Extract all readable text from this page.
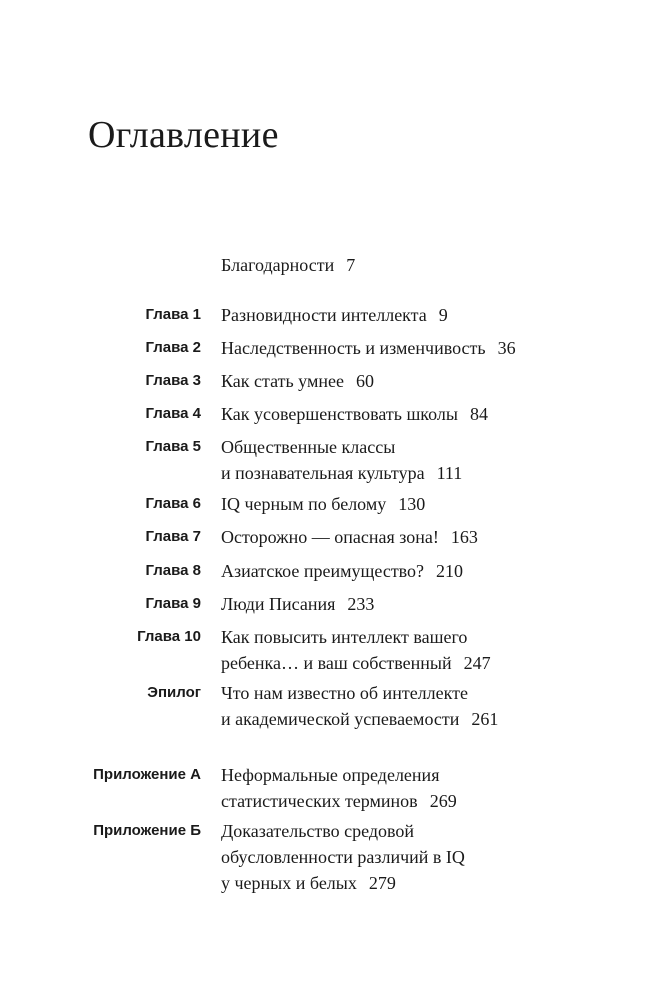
Оглавление
Благодарности 7
Глава 1 Разновидности интеллекта 9
Глава 2 Наследственность и изменчивость 36
Глава 3 Как стать умнее 60
Глава 4 Как усовершенствовать школы 84
Глава 5 Общественные классы
и познавательная культура 111
Глава 6 IQ черным по белому 130
Глава 7 Осторожно — опасная зона! 163
Глава 8 Азиатское преимущество? 210
Глава 9 Люди Писания 233
Глава 10 Как повысить интеллект вашего
ребенка… и ваш собственный 247
Эпилог Что нам известно об интеллекте
и академической успеваемости 261
Приложение А Неформальные определения
статистических терминов 269
Приложение Б Доказательство средовой
обусловленности различий в IQ
у черных и белых 279
